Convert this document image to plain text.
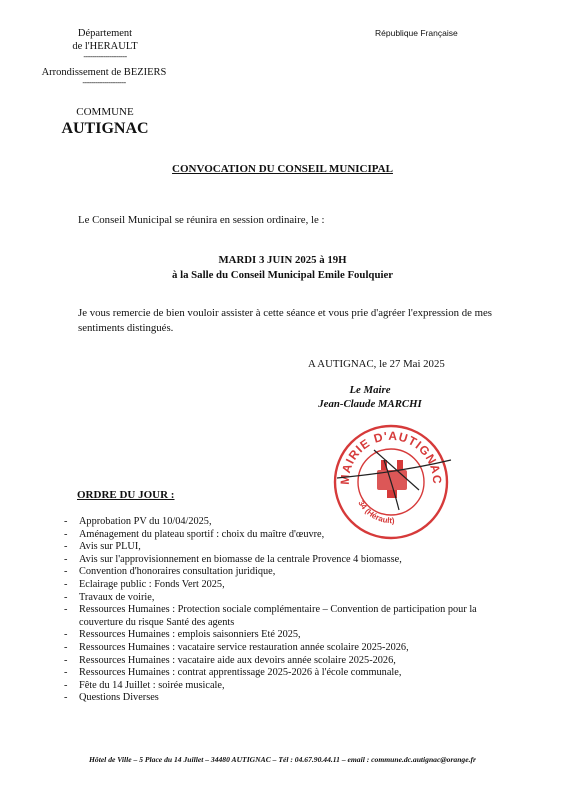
Département
de l'HERAULT
--------------------
Arrondissement de BEZIERS
--------------------
COMMUNE
AUTIGNAC
République Française
CONVOCATION DU CONSEIL MUNICIPAL
Le Conseil Municipal se réunira en session ordinaire, le :
MARDI 3 JUIN 2025 à 19H
à la Salle du Conseil Municipal Emile Foulquier
Je vous remercie de bien vouloir assister à cette séance et vous prie d'agréer l'expression de mes sentiments distingués.
A AUTIGNAC, le 27 Mai 2025
Le Maire
Jean-Claude MARCHI
MAIRIE D'AUTIGNAC
34 (Hérault)
ORDRE DU JOUR :
- Approbation PV du 10/04/2025,
- Aménagement du plateau sportif : choix du maître d'œuvre,
- Avis sur PLUI,
- Avis sur l'approvisionnement en biomasse de la centrale Provence 4 biomasse,
- Convention d'honoraires consultation juridique,
- Eclairage public : Fonds Vert 2025,
- Travaux de voirie,
- Ressources Humaines : Protection sociale complémentaire – Convention de participation pour la couverture du risque Santé des agents
- Ressources Humaines : emplois saisonniers Eté 2025,
- Ressources Humaines : vacataire service restauration année scolaire 2025-2026,
- Ressources Humaines : vacataire aide aux devoirs année scolaire 2025-2026,
- Ressources Humaines : contrat apprentissage 2025-2026 à l'école communale,
- Fête du 14 Juillet : soirée musicale,
- Questions Diverses
Hôtel de Ville – 5 Place du 14 Juillet – 34480 AUTIGNAC – Tél : 04.67.90.44.11 – email : commune.dc.autignac@orange.fr
